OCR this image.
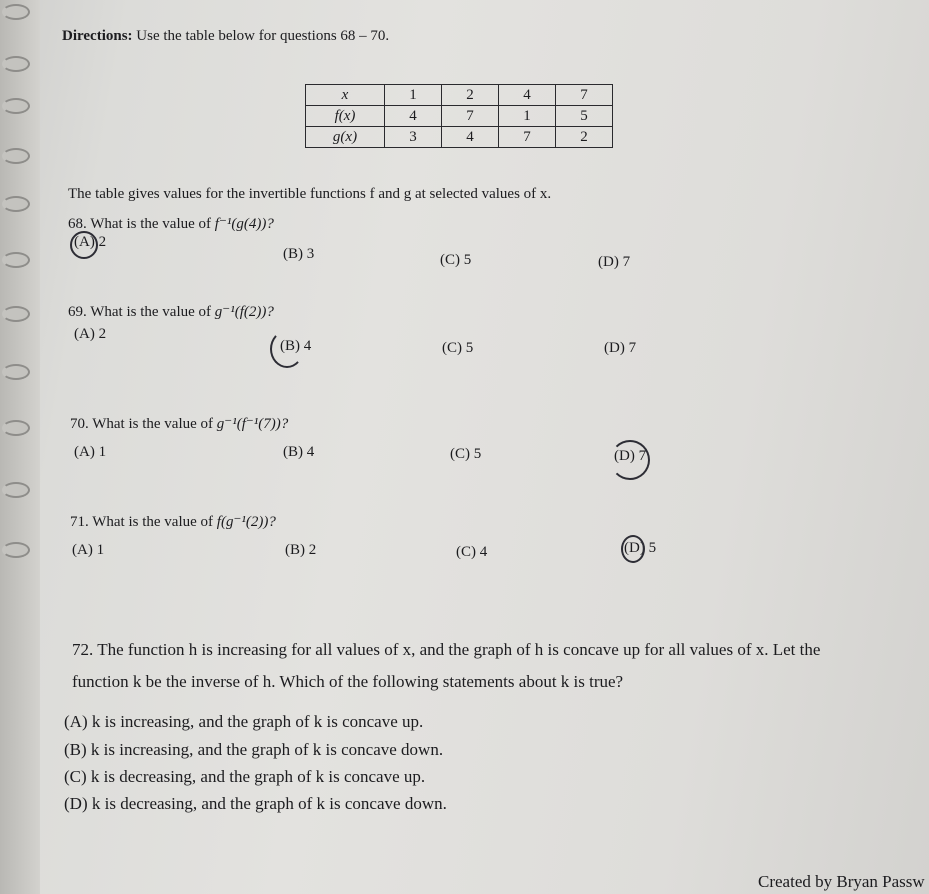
Directions: Use the table below for questions 68 – 70.
x	1	2	4	7
f(x)	4	7	1	5
g(x)	3	4	7	2
The table gives values for the invertible functions f and g at selected values of x.
68. What is the value of f⁻¹(g(4))?
(A) 2
(B) 3	(C) 5	(D) 7
69. What is the value of g⁻¹(f(2))?
(A) 2
(B) 4	(C) 5	(D) 7
70. What is the value of g⁻¹(f⁻¹(7))?
(A) 1	(B) 4	(C) 5	(D) 7
71. What is the value of f(g⁻¹(2))?
(A) 1	(B) 2	(C) 4	(D) 5
72. The function h is increasing for all values of x, and the graph of h is concave up for all values of x. Let the
function k be the inverse of h. Which of the following statements about k is true?
(A) k is increasing, and the graph of k is concave up.
(B) k is increasing, and the graph of k is concave down.
(C) k is decreasing, and the graph of k is concave up.
(D) k is decreasing, and the graph of k is concave down.
Created by Bryan Passw
